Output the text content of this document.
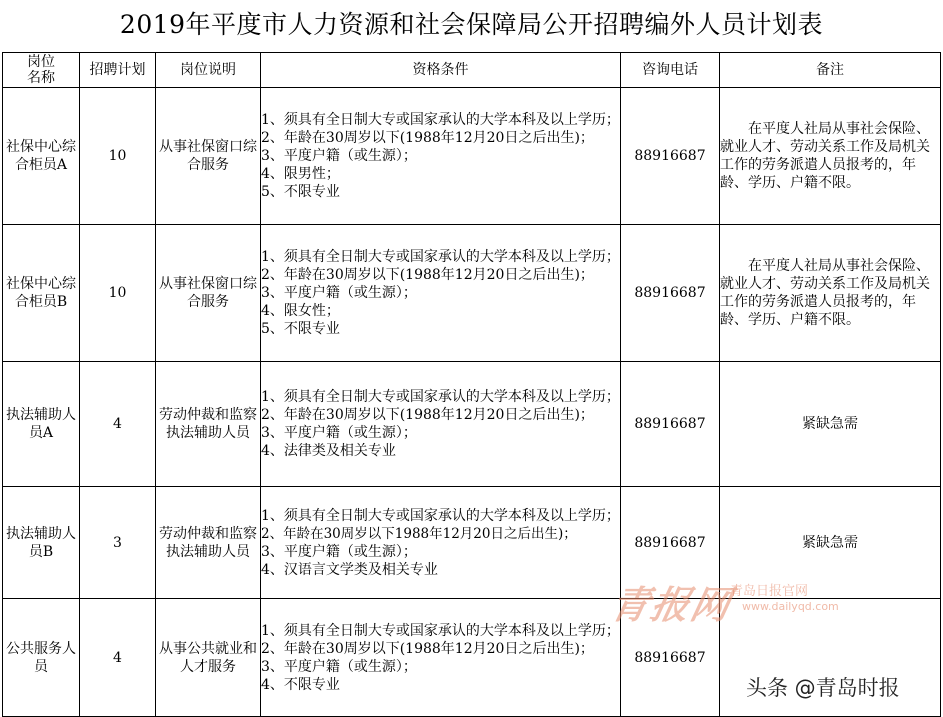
2019年平度市人力资源和社会保障局公开招聘编外人员计划表
岗位
名称	招聘计划	岗位说明	资格条件	咨询电话	备注
社保中心综合柜员A	10	从事社保窗口综合服务	1、须具有全日制大专或国家承认的大学本科及以上学历；
2、年龄在30周岁以下(1988年12月20日之后出生)；
3、平度户籍（或生源）；
4、限男性；
5、不限专业	88916687	在平度人社局从事社会保险、就业人才、劳动关系工作及局机关工作的劳务派遣人员报考的，年龄、学历、户籍不限。

社保中心综合柜员B	10	从事社保窗口综合服务	1、须具有全日制大专或国家承认的大学本科及以上学历；
2、年龄在30周岁以下(1988年12月20日之后出生)；
3、平度户籍（或生源）；
4、限女性；
5、不限专业	88916687	在平度人社局从事社会保险、就业人才、劳动关系工作及局机关工作的劳务派遣人员报考的，年龄、学历、户籍不限。

执法辅助人员A	4	劳动仲裁和监察执法辅助人员	1、须具有全日制大专或国家承认的大学本科及以上学历；
2、年龄在30周岁以下(1988年12月20日之后出生)；
3、平度户籍（或生源）；
4、法律类及相关专业	88916687	紧缺急需
执法辅助人员B	3	劳动仲裁和监察执法辅助人员	1、须具有全日制大专或国家承认的大学本科及以上学历；
2、年龄在30周岁以下1988年12月20日之后出生)；
3、平度户籍（或生源）；
4、汉语言文学类及相关专业	88916687	紧缺急需
公共服务人员	4	从事公共就业和人才服务	1、须具有全日制大专或国家承认的大学本科及以上学历；
2、年龄在30周岁以下(1988年12月20日之后出生)；
3、平度户籍（或生源）；
4、不限专业	88916687	
青报网
青岛日报官网
www.dailyqd.com
头条 @青岛时报
